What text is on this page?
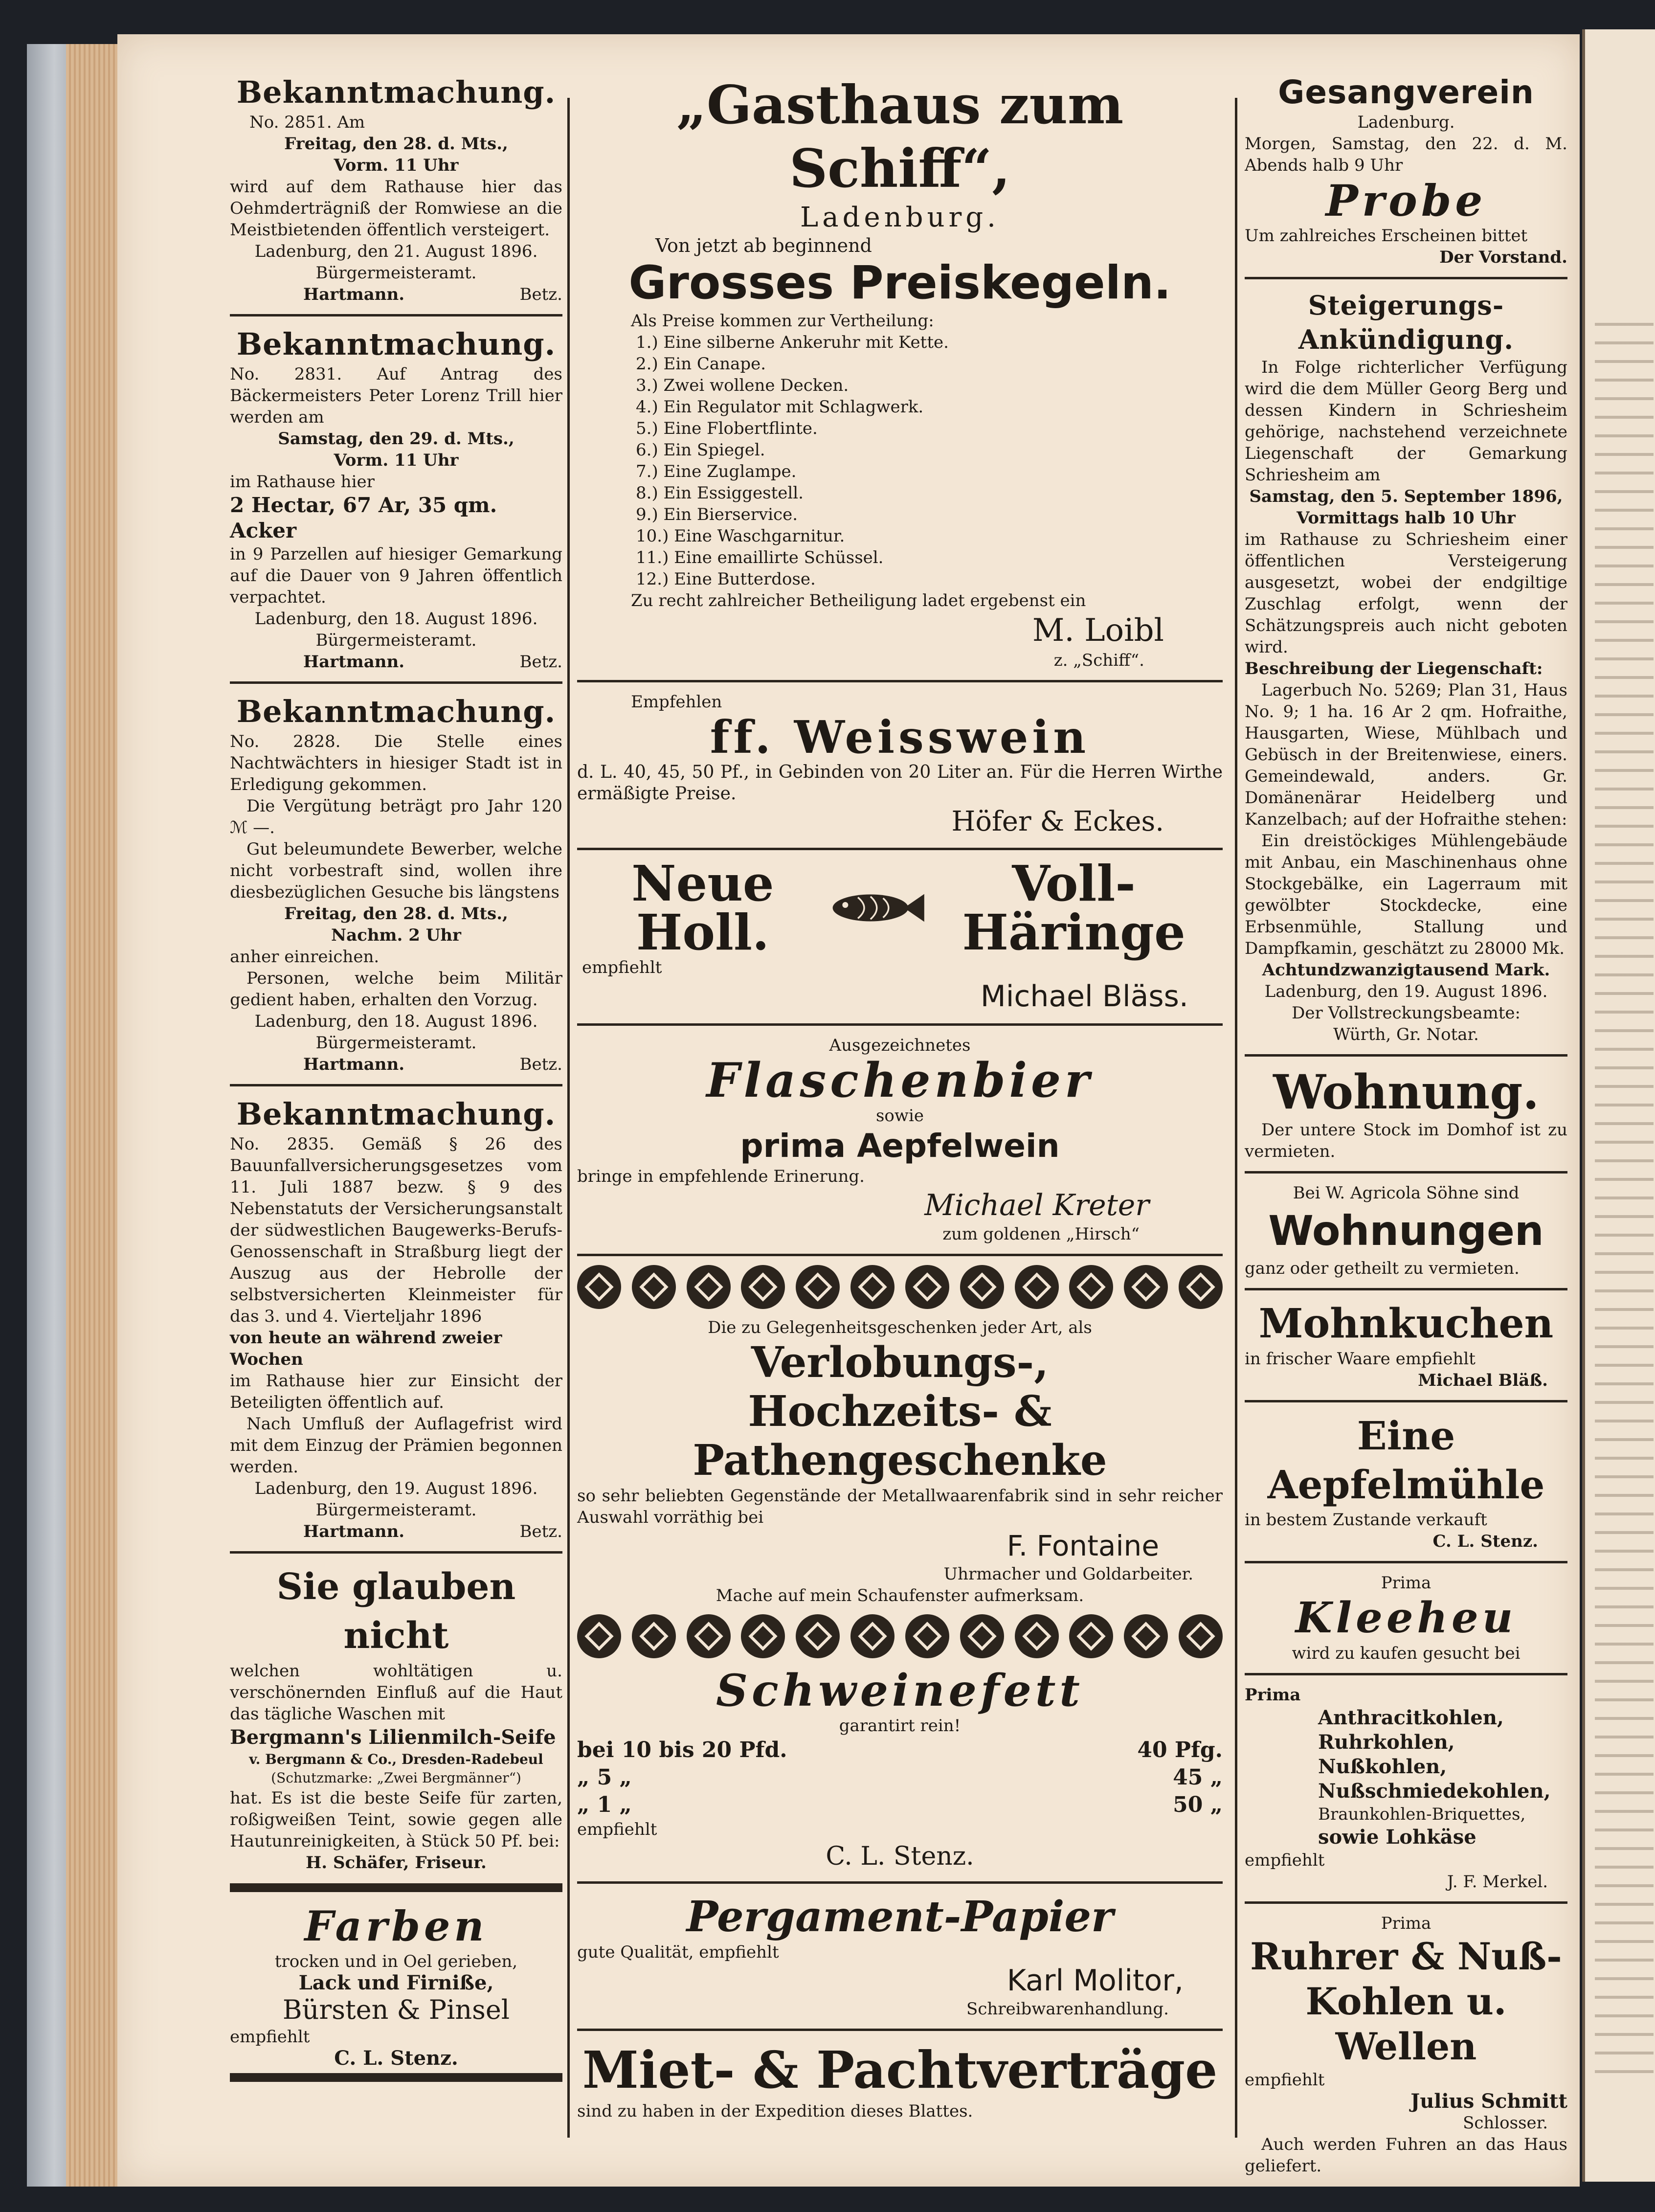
Bekanntmachung.

No. 2851. Am

Freitag, den 28. d. Mts.,

Vorm. 11 Uhr

wird auf dem Rathause hier das Oehmderträgniß der Romwiese an die Meistbietenden öffentlich versteigert.

Ladenburg, den 21. August 1896.

Bürgermeisteramt.

Hartmann.	Betz.

Bekanntmachung.

No. 2831. Auf Antrag des Bäckermeisters Peter Lorenz Trill hier werden am

Samstag, den 29. d. Mts.,

Vorm. 11 Uhr

im Rathause hier

2 Hectar, 67 Ar, 35 qm. Acker

in 9 Parzellen auf hiesiger Gemarkung auf die Dauer von 9 Jahren öffentlich verpachtet.

Ladenburg, den 18. August 1896.

Bürgermeisteramt.

Hartmann.	Betz.

Bekanntmachung.

No. 2828. Die Stelle eines Nachtwächters in hiesiger Stadt ist in Erledigung gekommen.

Die Vergütung beträgt pro Jahr 120 ℳ —.

Gut beleumundete Bewerber, welche nicht vorbestraft sind, wollen ihre diesbezüglichen Gesuche bis längstens

Freitag, den 28. d. Mts.,

Nachm. 2 Uhr

anher einreichen.

Personen, welche beim Militär gedient haben, erhalten den Vorzug.

Ladenburg, den 18. August 1896.

Bürgermeisteramt.

Hartmann.	Betz.

Bekanntmachung.

No. 2835. Gemäß § 26 des Bauunfallversicherungsgesetzes vom 11. Juli 1887 bezw. § 9 des Nebenstatuts der Versicherungsanstalt der südwestlichen Baugewerks-Berufs-Genossenschaft in Straßburg liegt der Auszug aus der Hebrolle der selbstversicherten Kleinmeister für das 3. und 4. Vierteljahr 1896

von heute an während zweier Wochen

im Rathause hier zur Einsicht der Beteiligten öffentlich auf.

Nach Umfluß der Auflagefrist wird mit dem Einzug der Prämien begonnen werden.

Ladenburg, den 19. August 1896.

Bürgermeisteramt.

Hartmann.	Betz.

Sie glauben nicht

welchen wohltätigen u. verschönernden Einfluß auf die Haut das tägliche Waschen mit

Bergmann's Lilienmilch-Seife

v. Bergmann & Co., Dresden-Radebeul

(Schutzmarke: „Zwei Bergmänner“)

hat. Es ist die beste Seife für zarten, roßigweißen Teint, sowie gegen alle Hautunreinigkeiten, à Stück 50 Pf. bei:

H. Schäfer, Friseur.

Farben

trocken und in Oel gerieben,

Lack und Firniße,

Bürsten & Pinsel

empfiehlt

C. L. Stenz.

„Gasthaus zum Schiff“,

Ladenburg.

Von jetzt ab beginnend

Grosses Preiskegeln.

Als Preise kommen zur Vertheilung:

1.) Eine silberne Ankeruhr mit Kette.

2.) Ein Canape.

3.) Zwei wollene Decken.

4.) Ein Regulator mit Schlagwerk.

5.) Eine Flobertflinte.

6.) Ein Spiegel.

7.) Eine Zuglampe.

8.) Ein Essiggestell.

9.) Ein Bierservice.

10.) Eine Waschgarnitur.

11.) Eine emaillirte Schüssel.

12.) Eine Butterdose.

Zu recht zahlreicher Betheiligung ladet ergebenst ein

M. Loibl

z. „Schiff“.

Empfehlen

ff. Weisswein

d. L. 40, 45, 50 Pf., in Gebinden von 20 Liter an. Für die Herren Wirthe ermäßigte Preise.

Höfer & Eckes.

Neue Holl.
Voll-Häringe

empfiehlt

Michael Bläss.

Ausgezeichnetes

Flaschenbier

sowie

prima Aepfelwein

bringe in empfehlende Erinerung.

Michael Kreter

zum goldenen „Hirsch“

Die zu Gelegenheitsgeschenken jeder Art, als

Verlobungs-,

Hochzeits- & Pathengeschenke

so sehr beliebten Gegenstände der Metallwaarenfabrik sind in sehr reicher Auswahl vorräthig bei

F. Fontaine

Uhrmacher und Goldarbeiter.

Mache auf mein Schaufenster aufmerksam.

Schweinefett

garantirt rein!

bei 10 bis 20 Pfd.	40 Pfg.
„ 5 „	45 „
„ 1 „	50 „

empfiehlt

C. L. Stenz.

Pergament-Papier

gute Qualität, empfiehlt

Karl Molitor,

Schreibwarenhandlung.

Miet- & Pachtverträge

sind zu haben in der Expedition dieses Blattes.

Gesangverein

Ladenburg.

Morgen, Samstag, den 22. d. M. Abends halb 9 Uhr

Probe

Um zahlreiches Erscheinen bittet

Der Vorstand.

Steigerungs-Ankündigung.

In Folge richterlicher Verfügung wird die dem Müller Georg Berg und dessen Kindern in Schriesheim gehörige, nachstehend verzeichnete Liegenschaft der Gemarkung Schriesheim am

Samstag, den 5. September 1896,

Vormittags halb 10 Uhr

im Rathause zu Schriesheim einer öffentlichen Versteigerung ausgesetzt, wobei der endgiltige Zuschlag erfolgt, wenn der Schätzungspreis auch nicht geboten wird.

Beschreibung der Liegenschaft:

Lagerbuch No. 5269; Plan 31, Haus No. 9; 1 ha. 16 Ar 2 qm. Hofraithe, Hausgarten, Wiese, Mühlbach und Gebüsch in der Breitenwiese, einers. Gemeindewald, anders. Gr. Domänenärar Heidelberg und Kanzelbach; auf der Hofraithe stehen:

Ein dreistöckiges Mühlengebäude mit Anbau, ein Maschinenhaus ohne Stockgebälke, ein Lagerraum mit gewölbter Stockdecke, eine Erbsenmühle, Stallung und Dampfkamin, geschätzt zu 28000 Mk.

Achtundzwanzigtausend Mark.

Ladenburg, den 19. August 1896.

Der Vollstreckungsbeamte:

Würth, Gr. Notar.

Wohnung.

Der untere Stock im Domhof ist zu vermieten.

Bei W. Agricola Söhne sind

Wohnungen

ganz oder getheilt zu vermieten.

Mohnkuchen

in frischer Waare empfiehlt

Michael Bläß.

Eine Aepfelmühle

in bestem Zustande verkauft

C. L. Stenz.

Prima

Kleeheu

wird zu kaufen gesucht bei

Prima

Anthracitkohlen,

Ruhrkohlen,

Nußkohlen,

Nußschmiedekohlen,

Braunkohlen-Briquettes,

sowie Lohkäse

empfiehlt

J. F. Merkel.

Prima

Ruhrer & Nuß-

Kohlen u. Wellen

empfiehlt

Julius Schmitt

Schlosser.

Auch werden Fuhren an das Haus geliefert.
